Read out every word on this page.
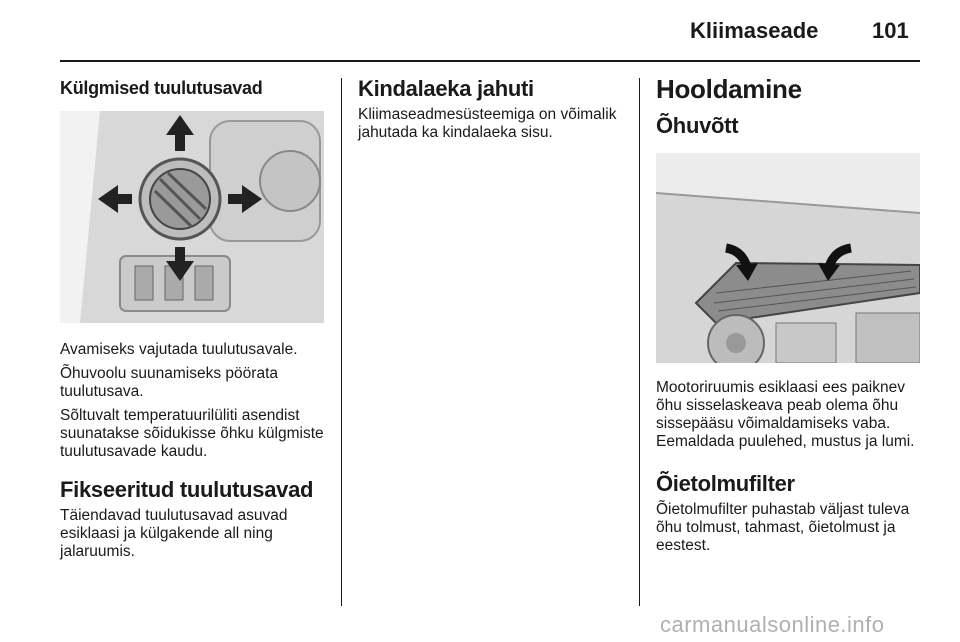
Kliimaseade 101
Külgmised tuulutusavad

Avamiseks vajutada tuulutusavale.

Õhuvoolu suunamiseks pöörata tuulutusava.

Sõltuvalt temperatuurilüliti asendist suunatakse sõidukisse õhku külgmiste tuulutusavade kaudu.

Fikseeritud tuulutusavad

Täiendavad tuulutusavad asuvad esiklaasi ja külgakende all ning jalaruumis.

Kindalaeka jahuti

Kliimaseadmesüsteemiga on võimalik jahutada ka kindalaeka sisu.

Hooldamine
Õhuvõtt

Mootoriruumis esiklaasi ees paiknev õhu sisselaskeava peab olema õhu sissepääsu võimaldamiseks vaba. Eemaldada puulehed, mustus ja lumi.

Õietolmufilter

Õietolmufilter puhastab väljast tuleva õhu tolmust, tahmast, õietolmust ja eestest.

carmanualsonline.info
